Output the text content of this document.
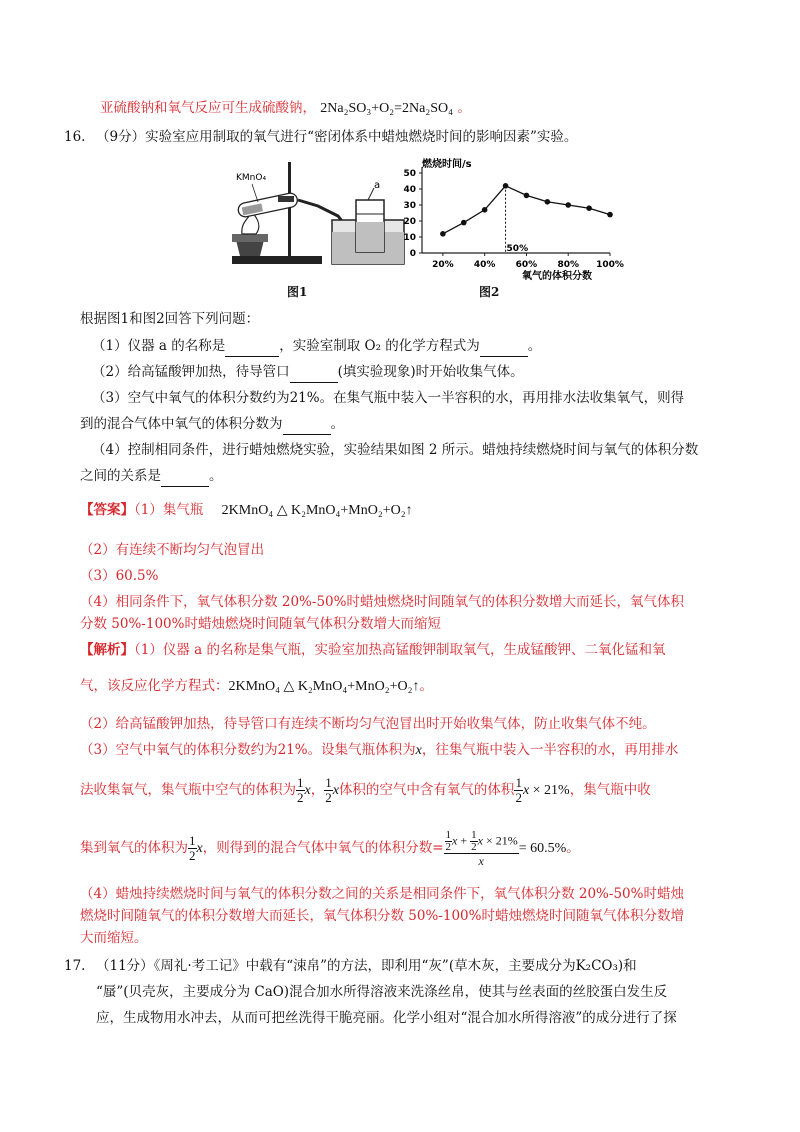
亚硫酸钠和氧气反应可生成硫酸钠， 2Na₂SO₃+O₂=2Na₂SO₄ 。
16. （9分）实验室应用制取的氧气进行“密闭体系中蜡烛燃烧时间的影响因素”实验。
a
KMnO₄
图1
燃烧时间/s
氧气的体积分数
0
10
20
30
40
50
20% 40% 60% 80% 100%
50%
图2
根据图1和图2回答下列问题：
（1）仪器 a 的名称是	，实验室制取 O₂ 的化学方程式为	。
（2）给高锰酸钾加热，待导管口	(填实验现象)时开始收集气体。
（3）空气中氧气的体积分数约为21%。在集气瓶中装入一半容积的水，再用排水法收集氧气，则得
到的混合气体中氧气的体积分数为	。
（4）控制相同条件，进行蜡烛燃烧实验，实验结果如图 2 所示。蜡烛持续燃烧时间与氧气的体积分数
之间的关系是	。
【答案】（1）集气瓶 2KMnO₄ △ K₂MnO₄+MnO₂+O₂↑
（2）有连续不断均匀气泡冒出
（3）60.5%
（4）相同条件下，氧气体积分数 20%-50%时蜡烛燃烧时间随氧气的体积分数增大而延长，氧气体积
分数 50%-100%时蜡烛燃烧时间随氧气体积分数增大而缩短
【解析】（1）仪器 a 的名称是集气瓶，实验室加热高锰酸钾制取氧气，生成锰酸钾、二氧化锰和氧
气，该反应化学方程式：2KMnO₄ △ K₂MnO₄+MnO₂+O₂↑。
（2）给高锰酸钾加热，待导管口有连续不断均匀气泡冒出时开始收集气体，防止收集气体不纯。
（3）空气中氧气的体积分数约为21%。设集气瓶体积为x，往集气瓶中装入一半容积的水，再用排水
法收集氧气，集气瓶中空气的体积为 $\frac{1}{2}$ x， $\frac{1}{2}$ x体积的空气中含有氧气的体积 $\frac{1}{2}$ x × 21%，集气瓶中收
集到氧气的体积为 $\frac{1}{2}$ x，则得到的混合气体中氧气的体积分数= $\frac{\frac{1}{2} x + \frac{1}{2} x \times 21\%}{x} = 60.5\%$。
（4）蜡烛持续燃烧时间与氧气的体积分数之间的关系是相同条件下，氧气体积分数 20%-50%时蜡烛
燃烧时间随氧气的体积分数增大而延长，氧气体积分数 50%-100%时蜡烛燃烧时间随氧气体积分数增
大而缩短。
17. （11分）《周礼·考工记》中载有“涑帛”的方法，即利用“灰”(草木灰，主要成分为K₂CO₃)和
“蜃”(贝壳灰，主要成分为 CaO)混合加水所得溶液来洗涤丝帛，使其与丝表面的丝胶蛋白发生反
应，生成物用水冲去，从而可把丝洗得干脆亮丽。化学小组对“混合加水所得溶液”的成分进行了探
